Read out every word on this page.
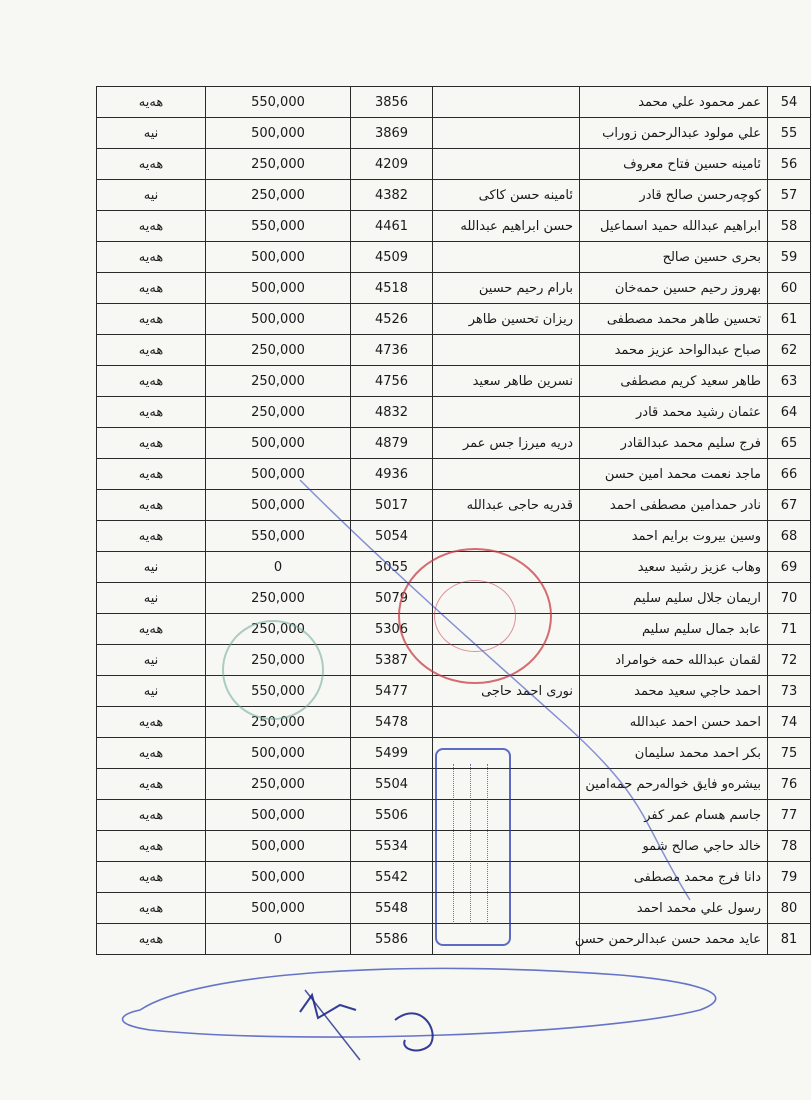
هەیە	550,000	3856		عمر محمود علي محمد	54
نیە	500,000	3869		علي مولود عبدالرحمن زوراب	55
هەیە	250,000	4209		ئامينه حسين فتاح معروف	56
نیە	250,000	4382	ئامینه حسن كاكی	كوچەرحسن صالح قادر	57
هەیە	550,000	4461	حسن ابراهيم عبدالله	ابراهيم عبدالله حميد اسماعيل	58
هەیە	500,000	4509		بحری حسین صالح	59
هەیە	500,000	4518	بارام رحیم حسین	بهروز رحيم حسين حمەخان	60
هەیە	500,000	4526	ريزان تحسين طاهر	تحسين طاهر محمد مصطفى	61
هەیە	250,000	4736		صباح عبدالواحد عزيز محمد	62
هەیە	250,000	4756	نسرين طاهر سعيد	طاهر سعید كريم مصطفى	63
هەیە	250,000	4832		عثمان رشيد محمد قادر	64
هەیە	500,000	4879	دريه ميرزا جس عمر	فرج سليم محمد عبدالقادر	65
هەیە	500,000	4936		ماجد نعمت محمد امين حسن	66
هەیە	500,000	5017	قدريه حاجی عبدالله	نادر حمدامين مصطفى احمد	67
هەیە	550,000	5054		وسين بيروت برايم احمد	68
نیە	0	5055		وهاب عزيز رشيد سعيد	69
نیە	250,000	5079		اريمان جلال سليم سليم	70
هەیە	250,000	5306		عابد جمال سليم سليم	71
نیە	250,000	5387		لقمان عبدالله حمه خوامراد	72
نیە	550,000	5477	نوری احمد حاجی	احمد حاجي سعيد محمد	73
هەیە	250,000	5478		احمد حسن احمد عبدالله	74
هەیە	500,000	5499		بكر احمد محمد سليمان	75
هەیە	250,000	5504		بيشرەو فايق خوالەرحم حمەامين	76
هەیە	500,000	5506		جاسم هسام عمر كفر	77
هەیە	500,000	5534		خالد حاجي صالح شمو	78
هەیە	500,000	5542		دانا فرج محمد مصطفى	79
هەیە	500,000	5548		رسول علي محمد احمد	80
هەیە	0	5586		عايد محمد حسن عبدالرحمن حسن	81
